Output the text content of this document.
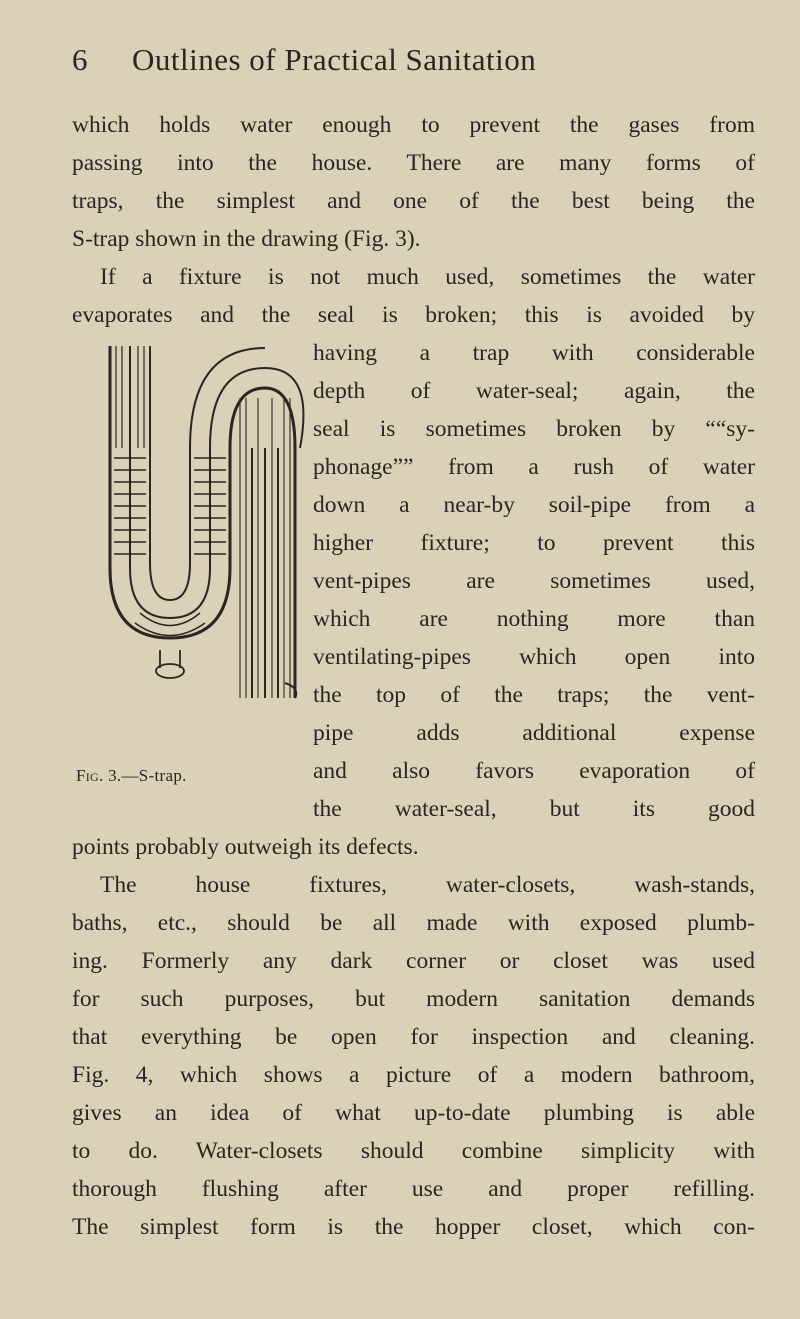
6 Outlines of Practical Sanitation
which holds water enough to prevent the gases from
passing into the house. There are many forms of
traps, the simplest and one of the best being the
S-trap shown in the drawing (Fig. 3).
If a fixture is not much used, sometimes the water
evaporates and the seal is broken; this is avoided by
having a trap with considerable
depth of water-seal; again, the
seal is sometimes broken by ““sy-
phonage”” from a rush of water
down a near-by soil-pipe from a
higher fixture; to prevent this
vent-pipes are sometimes used,
which are nothing more than
ventilating-pipes which open into
the top of the traps; the vent-
pipe adds additional expense
and also favors evaporation of
the water-seal, but its good
points probably outweigh its defects.
The house fixtures, water-closets, wash-stands,
baths, etc., should be all made with exposed plumb-
ing. Formerly any dark corner or closet was used
for such purposes, but modern sanitation demands
that everything be open for inspection and cleaning.
Fig. 4, which shows a picture of a modern bathroom,
gives an idea of what up-to-date plumbing is able
to do. Water-closets should combine simplicity with
thorough flushing after use and proper refilling.
The simplest form is the hopper closet, which con-
Fig. 3.—S-trap.
